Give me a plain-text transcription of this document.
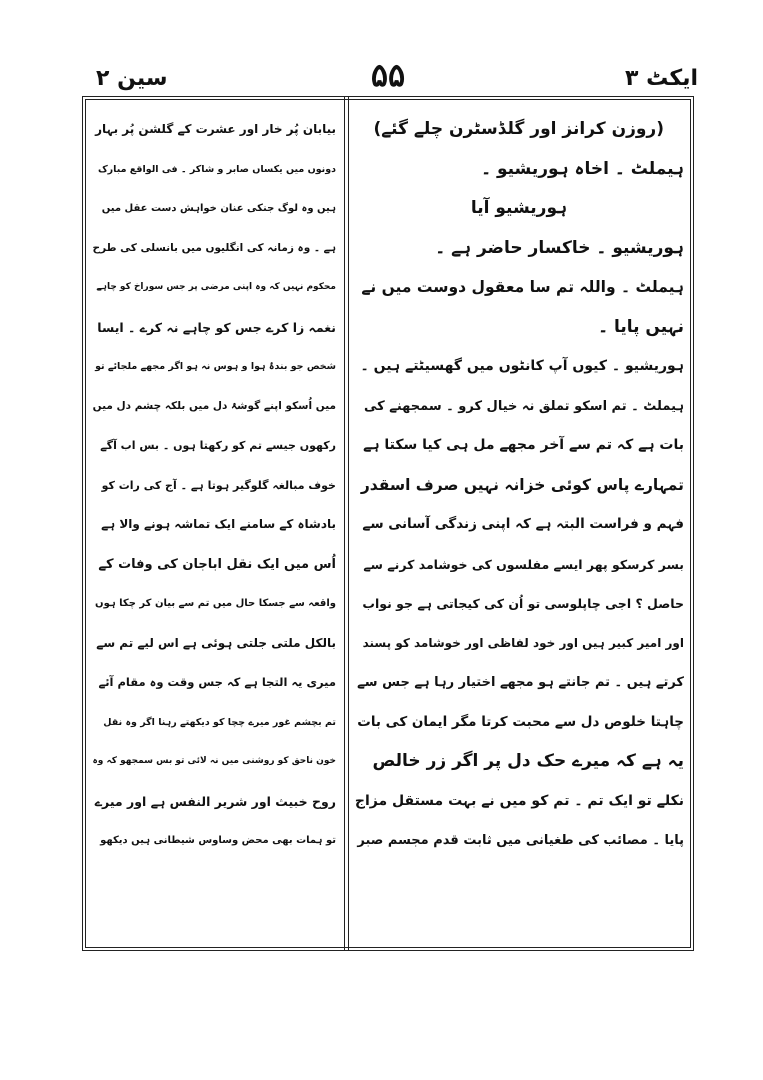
ایکٹ ۳
۵۵
سین ۲
(روزن کرانز اور گلڈسٹرن چلے گئے)
ہیملٹ ۔ اخاہ ہوریشیو ۔
ہوریشیو آیا
ہوریشیو ۔ خاکسار حاضر ہے ۔
ہیملٹ ۔ واللہ تم سا معقول دوست میں نے
نہیں پایا ۔
ہوریشیو ۔ کیوں آپ کانٹوں میں گھسیٹتے ہیں ۔
ہیملٹ ۔ تم اسکو تملق نہ خیال کرو ۔ سمجھنے کی
بات ہے کہ تم سے آخر مجھے مل ہی کیا سکتا ہے
تمہارے پاس کوئی خزانہ نہیں صرف اسقدر
فہم و فراست البتہ ہے کہ اپنی زندگی آسانی سے
بسر کرسکو پھر ایسے مفلسوں کی خوشامد کرنے سے
حاصل ؟ اجی چاپلوسی تو اُن کی کیجاتی ہے جو نواب
اور امیر کبیر ہیں اور خود لفاظی اور خوشامد کو پسند
کرتے ہیں ۔ تم جانتے ہو مجھے اختیار رہا ہے جس سے
چاہتا خلوص دل سے محبت کرتا مگر ایمان کی بات
یہ ہے کہ میرے حک دل پر اگر زر خالص
نکلے تو ایک تم ۔ تم کو میں نے بہت مستقل مزاج
پایا ۔ مصائب کی طغیانی میں ثابت قدم مجسم صبر
بیابان پُر خار اور عشرت کے گلشن پُر بہار
دونوں میں یکساں صابر و شاکر ۔ فی الواقع مبارک
ہیں وہ لوگ جنکی عنان خواہش دست عقل میں
ہے ۔ وہ زمانہ کی انگلیوں میں بانسلی کی طرح
محکوم نہیں کہ وہ اپنی مرضی پر جس سوراخ کو چاہے
نغمہ زا کرے جس کو چاہے نہ کرے ۔ ایسا
شخص جو بندۂ ہوا و ہوس نہ ہو اگر مجھے ملجائے تو
میں اُسکو اپنے گوشۂ دل میں بلکہ چشم دل میں
رکھوں جیسے تم کو رکھتا ہوں ۔ بس اب آگے
خوف مبالغہ گلوگیر ہوتا ہے ۔ آج کی رات کو
بادشاہ کے سامنے ایک تماشہ ہونے والا ہے
اُس میں ایک نقل اباجان کی وفات کے
واقعہ سے جسکا حال میں تم سے بیان کر چکا ہوں
بالکل ملتی جلتی ہوئی ہے اس لیے تم سے
میری یہ التجا ہے کہ جس وقت وہ مقام آئے
تم بچشم غور میرے چچا کو دیکھتے رہنا اگر وہ نقل
خون ناحق کو روشنی میں نہ لائی تو بس سمجھو کہ وہ
روح خبیث اور شریر النفس ہے اور میرے
تو ہمات بھی محض وساوس شیطانی ہیں دیکھو
